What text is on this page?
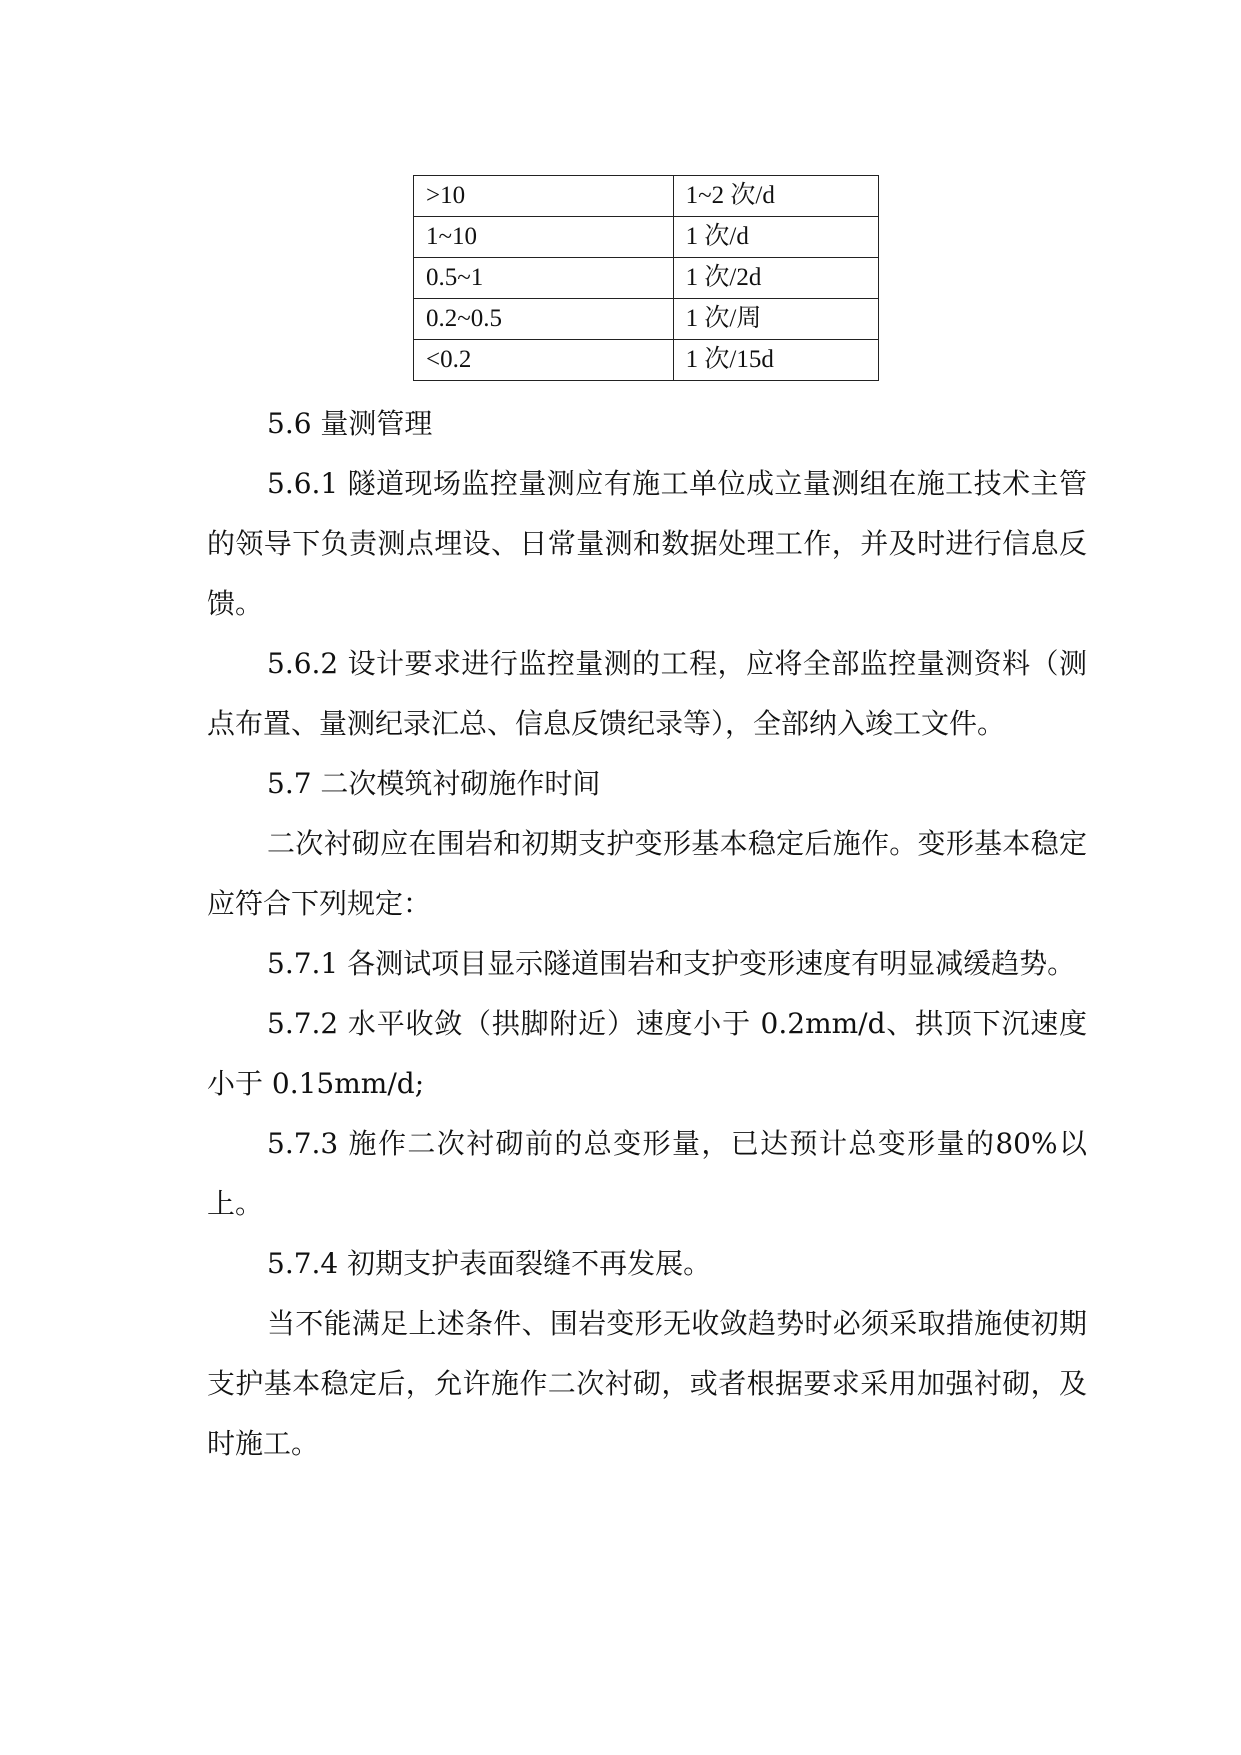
>10	1~2 次/d
1~10	1 次/d
0.5~1	1 次/2d
0.2~0.5	1 次/周
<0.2	1 次/15d

5.6 量测管理

5.6.1 隧道现场监控量测应有施工单位成立量测组在施工技术主管的领导下负责测点埋设、日常量测和数据处理工作，并及时进行信息反馈。

5.6.2 设计要求进行监控量测的工程，应将全部监控量测资料（测点布置、量测纪录汇总、信息反馈纪录等），全部纳入竣工文件。

5.7 二次模筑衬砌施作时间

二次衬砌应在围岩和初期支护变形基本稳定后施作。变形基本稳定应符合下列规定：

5.7.1 各测试项目显示隧道围岩和支护变形速度有明显减缓趋势。

5.7.2 水平收敛（拱脚附近）速度小于 0.2mm/d、拱顶下沉速度小于 0.15mm/d;

5.7.3 施作二次衬砌前的总变形量，已达预计总变形量的80%以上。

5.7.4 初期支护表面裂缝不再发展。

当不能满足上述条件、围岩变形无收敛趋势时必须采取措施使初期支护基本稳定后，允许施作二次衬砌，或者根据要求采用加强衬砌，及时施工。
